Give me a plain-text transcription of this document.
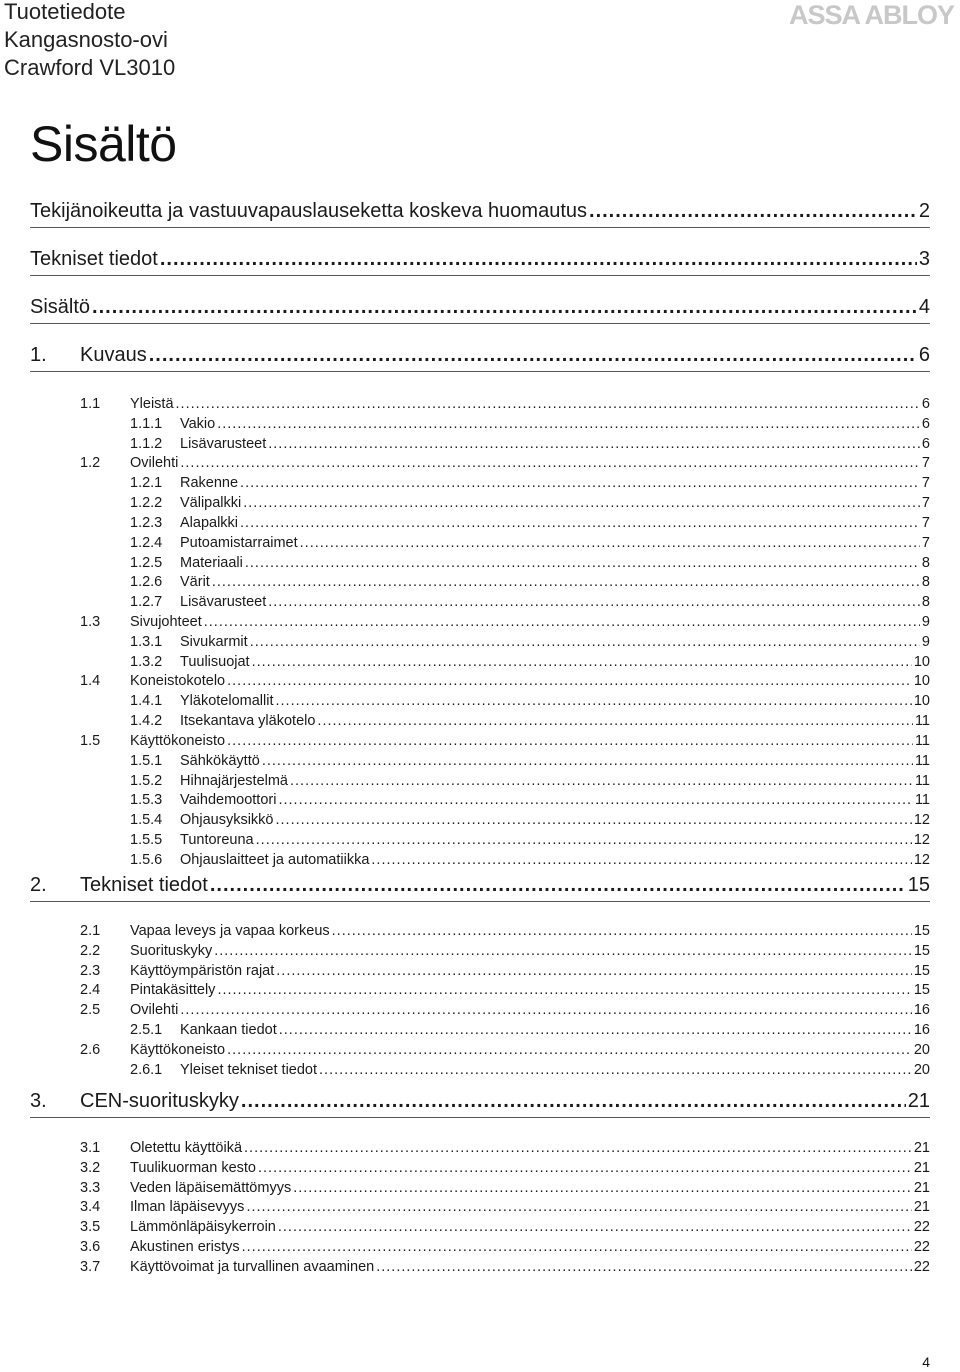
Tuotetiedote
Kangasnosto-ovi
Crawford VL3010
ASSA ABLOY
Sisältö
Tekijänoikeutta ja vastuuvapauslauseketta koskeva huomautus .....	2
Tekniset tiedot .....	3
Sisältö .....	4
1.	Kuvaus .....	6
1.1	Yleistä .....	6
1.1.1	Vakio .....	6
1.1.2	Lisävarusteet .....	6
1.2	Ovilehti .....	7
1.2.1	Rakenne .....	7
1.2.2	Välipalkki .....	7
1.2.3	Alapalkki .....	7
1.2.4	Putoamistarraimet .....	7
1.2.5	Materiaali .....	8
1.2.6	Värit .....	8
1.2.7	Lisävarusteet .....	8
1.3	Sivujohteet .....	9
1.3.1	Sivukarmit .....	9
1.3.2	Tuulisuojat .....	10
1.4	Koneistokotelo .....	10
1.4.1	Yläkotelomallit .....	10
1.4.2	Itsekantava yläkotelo .....	11
1.5	Käyttökoneisto .....	11
1.5.1	Sähkökäyttö .....	11
1.5.2	Hihnajärjestelmä .....	11
1.5.3	Vaihdemoottori .....	11
1.5.4	Ohjausyksikkö .....	12
1.5.5	Tuntoreuna .....	12
1.5.6	Ohjauslaitteet ja automatiikka .....	12
2.	Tekniset tiedot .....	15
2.1	Vapaa leveys ja vapaa korkeus .....	15
2.2	Suorituskyky .....	15
2.3	Käyttöympäristön rajat .....	15
2.4	Pintakäsittely .....	15
2.5	Ovilehti .....	16
2.5.1	Kankaan tiedot .....	16
2.6	Käyttökoneisto .....	20
2.6.1	Yleiset tekniset tiedot .....	20
3.	CEN-suorituskyky .....	21
3.1	Oletettu käyttöikä .....	21
3.2	Tuulikuorman kesto .....	21
3.3	Veden läpäisemättömyys .....	21
3.4	Ilman läpäisevyys .....	21
3.5	Lämmönläpäisykerroin .....	22
3.6	Akustinen eristys .....	22
3.7	Käyttövoimat ja turvallinen avaaminen .....	22
4
